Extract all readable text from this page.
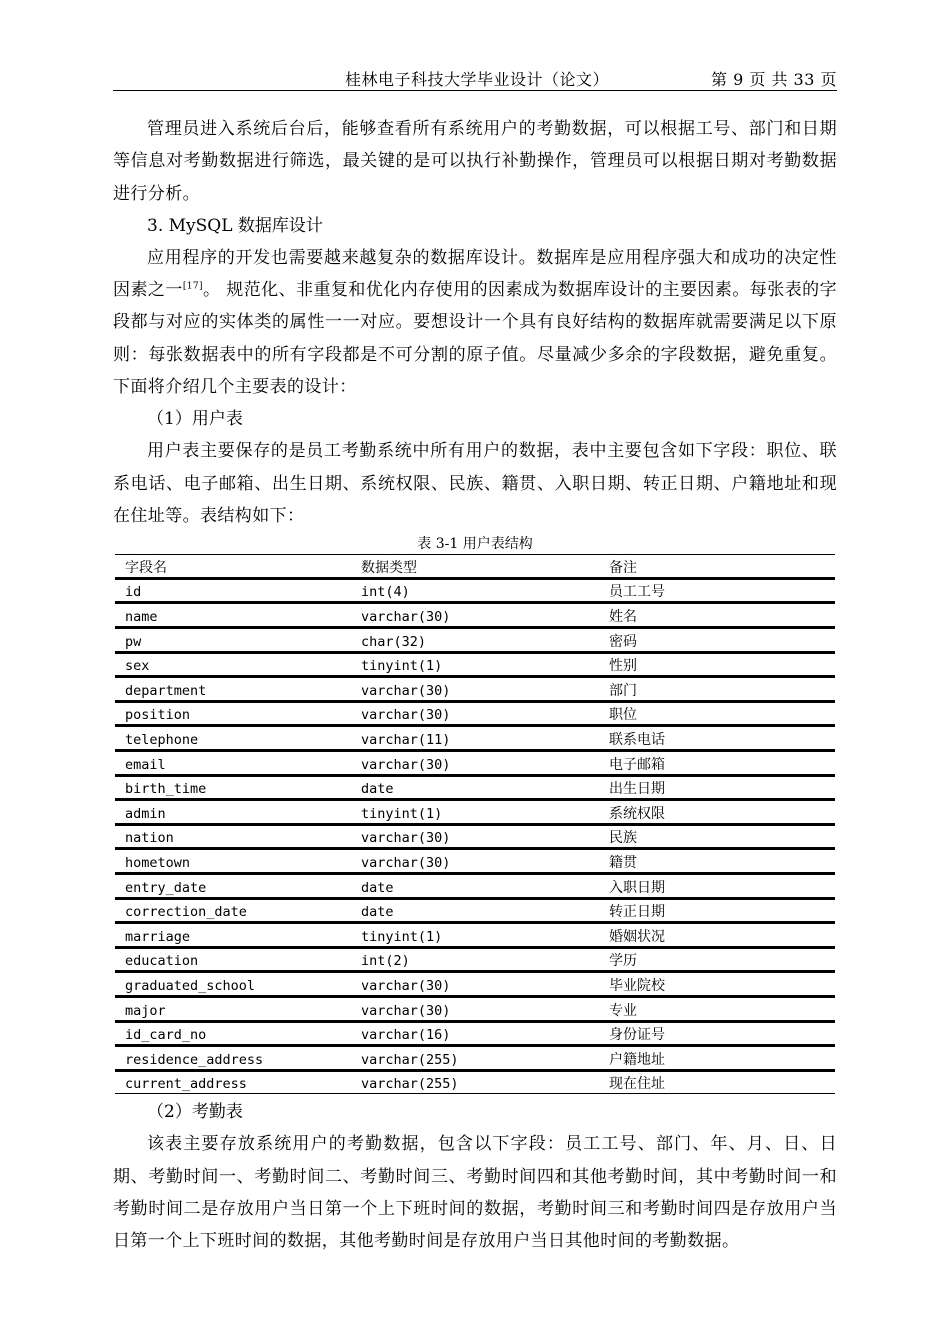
桂林电子科技大学毕业设计（论文）	第 9 页 共 33 页

管理员进入系统后台后，能够查看所有系统用户的考勤数据，可以根据工号、部门和日期等信息对考勤数据进行筛选，最关键的是可以执行补勤操作，管理员可以根据日期对考勤数据进行分析。

3. MySQL 数据库设计

应用程序的开发也需要越来越复杂的数据库设计。数据库是应用程序强大和成功的决定性因素之一[17]。 规范化、非重复和优化内存使用的因素成为数据库设计的主要因素。每张表的字段都与对应的实体类的属性一一对应。要想设计一个具有良好结构的数据库就需要满足以下原则：每张数据表中的所有字段都是不可分割的原子值。尽量减少多余的字段数据，避免重复。下面将介绍几个主要表的设计：

（1）用户表

用户表主要保存的是员工考勤系统中所有用户的数据，表中主要包含如下字段：职位、联系电话、电子邮箱、出生日期、系统权限、民族、籍贯、入职日期、转正日期、户籍地址和现在住址等。表结构如下：

表 3-1 用户表结构
字段名	数据类型	备注
id	int(4)	员工工号
name	varchar(30)	姓名
pw	char(32)	密码
sex	tinyint(1)	性别
department	varchar(30)	部门
position	varchar(30)	职位
telephone	varchar(11)	联系电话
email	varchar(30)	电子邮箱
birth_time	date	出生日期
admin	tinyint(1)	系统权限
nation	varchar(30)	民族
hometown	varchar(30)	籍贯
entry_date	date	入职日期
correction_date	date	转正日期
marriage	tinyint(1)	婚姻状况
education	int(2)	学历
graduated_school	varchar(30)	毕业院校
major	varchar(30)	专业
id_card_no	varchar(16)	身份证号
residence_address	varchar(255)	户籍地址
current_address	varchar(255)	现在住址

（2）考勤表

该表主要存放系统用户的考勤数据，包含以下字段：员工工号、部门、年、月、日、日期、考勤时间一、考勤时间二、考勤时间三、考勤时间四和其他考勤时间，其中考勤时间一和考勤时间二是存放用户当日第一个上下班时间的数据，考勤时间三和考勤时间四是存放用户当日第一个上下班时间的数据，其他考勤时间是存放用户当日其他时间的考勤数据。
